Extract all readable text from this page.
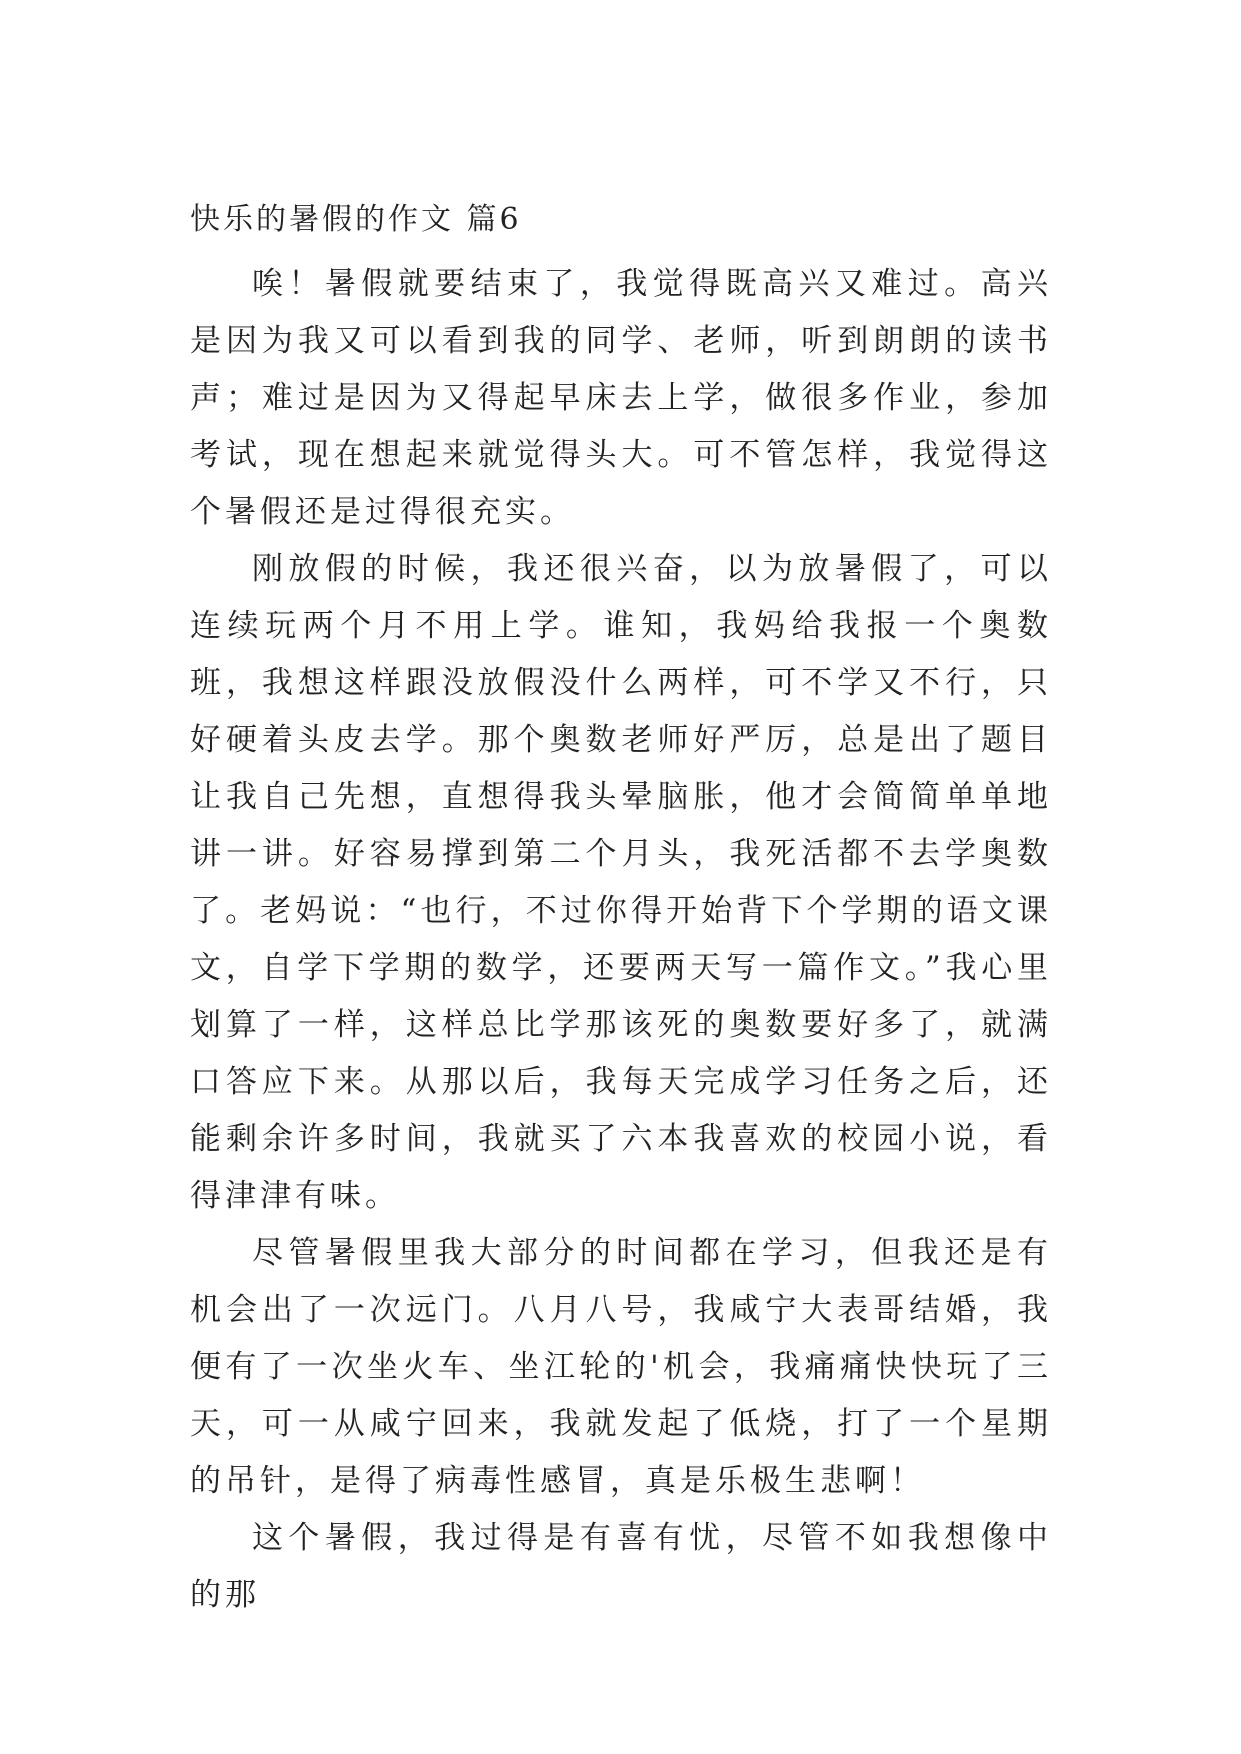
快乐的暑假的作文 篇6

唉！暑假就要结束了，我觉得既高兴又难过。高兴是因为我又可以看到我的同学、老师，听到朗朗的读书声；难过是因为又得起早床去上学，做很多作业，参加考试，现在想起来就觉得头大。可不管怎样，我觉得这个暑假还是过得很充实。

刚放假的时候，我还很兴奋，以为放暑假了，可以连续玩两个月不用上学。谁知，我妈给我报一个奥数班，我想这样跟没放假没什么两样，可不学又不行，只好硬着头皮去学。那个奥数老师好严厉，总是出了题目让我自己先想，直想得我头晕脑胀，他才会简简单单地讲一讲。好容易撑到第二个月头，我死活都不去学奥数了。老妈说：“也行，不过你得开始背下个学期的语文课文，自学下学期的数学，还要两天写一篇作文。”我心里划算了一样，这样总比学那该死的奥数要好多了，就满口答应下来。从那以后，我每天完成学习任务之后，还能剩余许多时间，我就买了六本我喜欢的校园小说，看得津津有味。

尽管暑假里我大部分的时间都在学习，但我还是有机会出了一次远门。八月八号，我咸宁大表哥结婚，我便有了一次坐火车、坐江轮的'机会，我痛痛快快玩了三天，可一从咸宁回来，我就发起了低烧，打了一个星期的吊针，是得了病毒性感冒，真是乐极生悲啊！

这个暑假，我过得是有喜有忧，尽管不如我想像中的那
